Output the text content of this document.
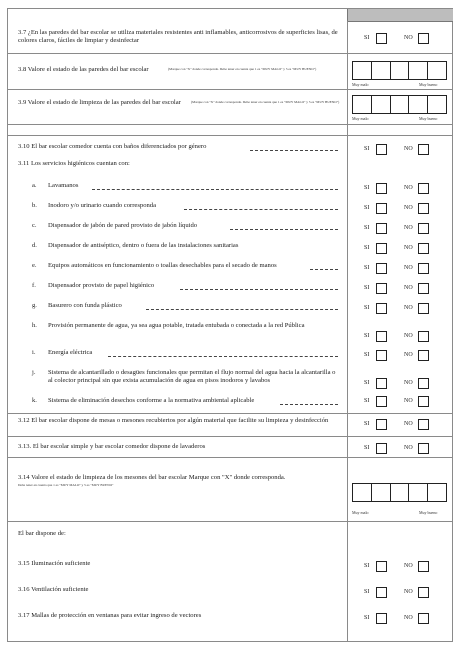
3.7 ¿En las paredes del bar escolar se utiliza materiales resistentes anti inflamables, anticorrosivos de superficies lisas, de colores claros, fáciles de limpiar y desinfectar	SI	NO
3.8 Valore el estado de las paredes del bar escolar	(Marque con "X" donde corresponda. Debe tener en cuenta que 1 es "MUY MALO" y 5 es "MUY BUENO")
Muy malo	Muy bueno
3.9 Valore el estado de limpieza de las paredes del bar escolar	(Marque con "X" donde corresponda. Debe tener en cuenta que 1 es "MUY MALO" y 5 es "MUY BUENO")
Muy malo	Muy bueno
3.10 El bar escolar comedor cuenta con baños diferenciados por género	SI	NO
3.11 Los servicios higiénicos cuentan con:
a. Lavamanos	SI	NO
b. Inodoro y/o urinario cuando corresponda	SI	NO
c. Dispensador de jabón de pared provisto de jabón líquido	SI	NO
d. Dispensador de antiséptico, dentro o fuera de las instalaciones sanitarias	SI	NO
e. Equipos automáticos en funcionamiento o toallas desechables para el secado de manos	SI	NO
f. Dispensador provisto de papel higiénico	SI	NO
g. Basurero con funda plástico	SI	NO
h. Provisión permanente de agua, ya sea agua potable, tratada entubada o conectada a la red Pública
SI	NO
i. Energía eléctrica	SI	NO
j. Sistema de alcantarillado o desagües funcionales que permitan el flujo normal del agua hacia la alcantarilla o al colector principal sin que exista acumulación de agua en pisos inodoros y lavabos	SI	NO
k. Sistema de eliminación desechos conforme a la normativa ambiental aplicable	SI	NO
3.12 El bar escolar dispone de mesas o mesones recubiertos por algún material que facilite su limpieza y desinfección	SI	NO
3.13. El bar escolar simple y bar escolar comedor dispone de lavaderos	SI	NO
3.14 Valore el estado de limpieza de los mesones del bar escolar Marque con "X" donde corresponda.
Debe tener en cuenta que 1 es "MUY MALO" y 5 es "MUY BUENO"
Muy malo	Muy bueno
El bar dispone de:
3.15 Iluminación suficiente	SI	NO
3.16 Ventilación suficiente	SI	NO
3.17 Mallas de protección en ventanas para evitar ingreso de vectores	SI	NO
